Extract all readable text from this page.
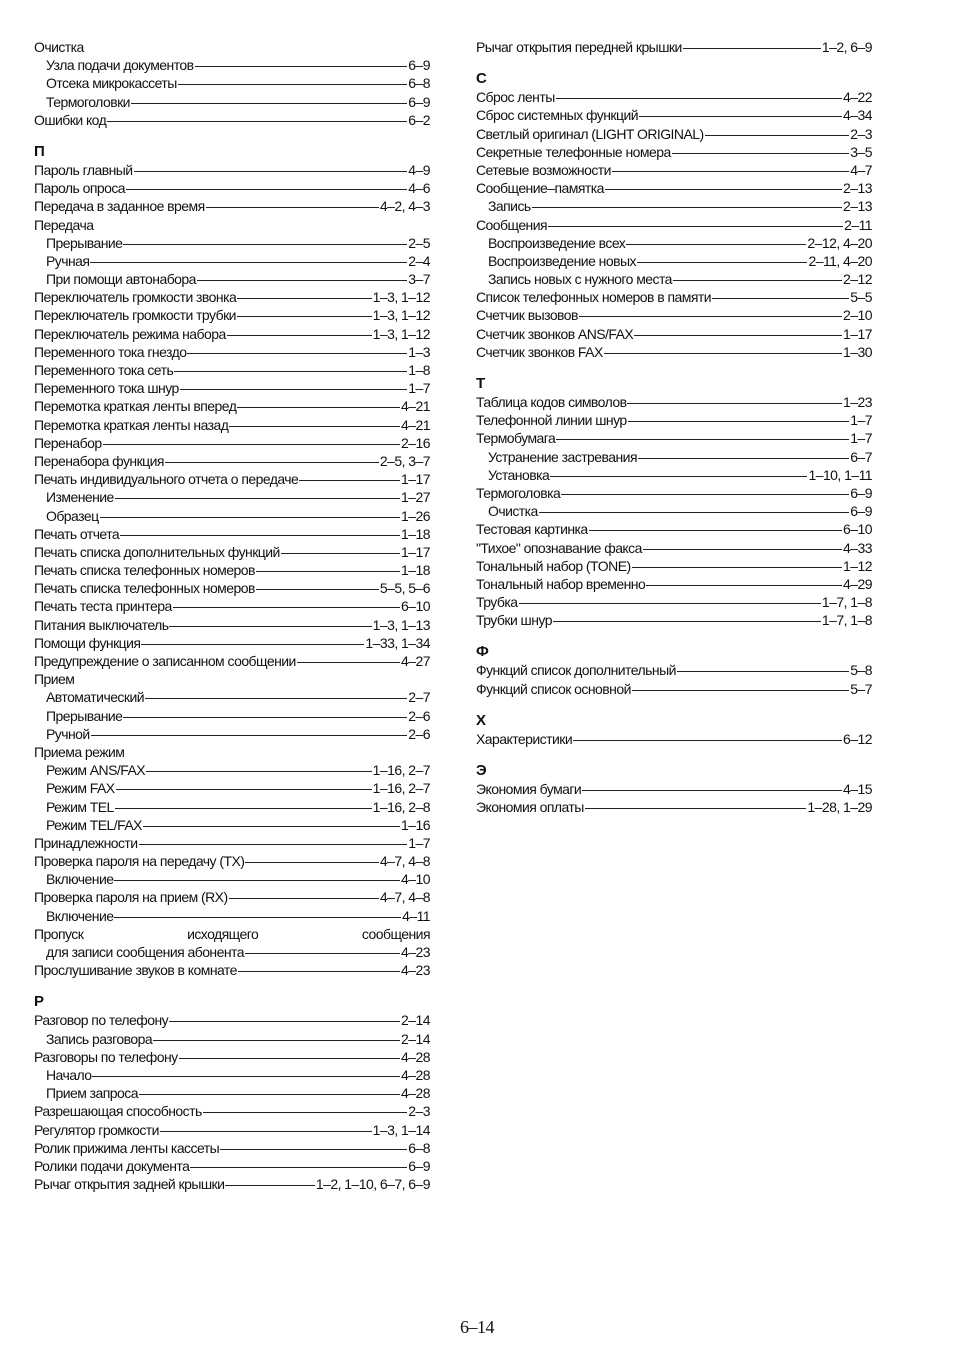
Очистка
Узла подачи документов	6–9
Отсека микрокассеты	6–8
Термоголовки	6–9
Ошибки код	6–2
П
Пароль главный	4–9
Пароль опроса	4–6
Передача в заданное время	4–2, 4–3
Передача
Прерывание	2–5
Ручная	2–4
При помощи автонабора	3–7
Переключатель громкости звонка	1–3, 1–12
Переключатель громкости трубки	1–3, 1–12
Переключатель режима набора	1–3, 1–12
Переменного тока гнездо	1–3
Переменного тока сеть	1–8
Переменного тока шнур	1–7
Перемотка краткая ленты вперед	4–21
Перемотка краткая ленты назад	4–21
Перенабор	2–16
Перенабора функция	2–5, 3–7
Печать индивидуального отчета о передаче	1–17
Изменение	1–27
Образец	1–26
Печать отчета	1–18
Печать списка дополнительных функций	1–17
Печать списка телефонных номеров	1–18
Печать списка телефонных номеров	5–5, 5–6
Печать теста принтера	6–10
Питания выключатель	1–3, 1–13
Помощи функция	1–33, 1–34
Предупреждение о записанном сообщении	4–27
Прием
Автоматический	2–7
Прерывание	2–6
Ручной	2–6
Приема режим
Режим ANS/FAX	1–16, 2–7
Режим FAX	1–16, 2–7
Режим TEL	1–16, 2–8
Режим TEL/FAX	1–16
Принадлежности	1–7
Проверка пароля на передачу (TX)	4–7, 4–8
Включение	4–10
Проверка пароля на прием (RX)	4–7, 4–8
Включение	4–11
Пропуск	исходящего	сообщения
для записи сообщения абонента	4–23
Прослушивание звуков в комнате	4–23
Р
Разговор по телефону	2–14
Запись разговора	2–14
Разговоры по телефону	4–28
Начало	4–28
Прием запроса	4–28
Разрешающая способность	2–3
Регулятор громкости	1–3, 1–14
Ролик прижима ленты кассеты	6–8
Ролики подачи документа	6–9
Рычаг открытия задней крышки	1–2, 1–10, 6–7, 6–9
Рычаг открытия передней крышки	1–2, 6–9
С
Сброс ленты	4–22
Сброс системных функций	4–34
Светлый оригинал (LIGHT ORIGINAL)	2–3
Секретные телефонные номера	3–5
Сетевые возможности	4–7
Сообщение–памятка	2–13
Запись	2–13
Сообщения	2–11
Воспроизведение всех	2–12, 4–20
Воспроизведение новых	2–11, 4–20
Запись новых с нужного места	2–12
Список телефонных номеров в памяти	5–5
Счетчик вызовов	2–10
Счетчик звонков ANS/FAX	1–17
Счетчик звонков FAX	1–30
Т
Таблица кодов символов	1–23
Телефонной линии шнур	1–7
Термобумага	1–7
Устранение застревания	6–7
Установка	1–10, 1–11
Термоголовка	6–9
Очистка	6–9
Тестовая картинка	6–10
"Тихое" опознавание факса	4–33
Тональный набор (TONE)	1–12
Тональный набор временно	4–29
Трубка	1–7, 1–8
Трубки шнур	1–7, 1–8
Ф
Функций список дополнительный	5–8
Функций список основной	5–7
Х
Характеристики	6–12
Э
Экономия бумаги	4–15
Экономия оплаты	1–28, 1–29
6–14
